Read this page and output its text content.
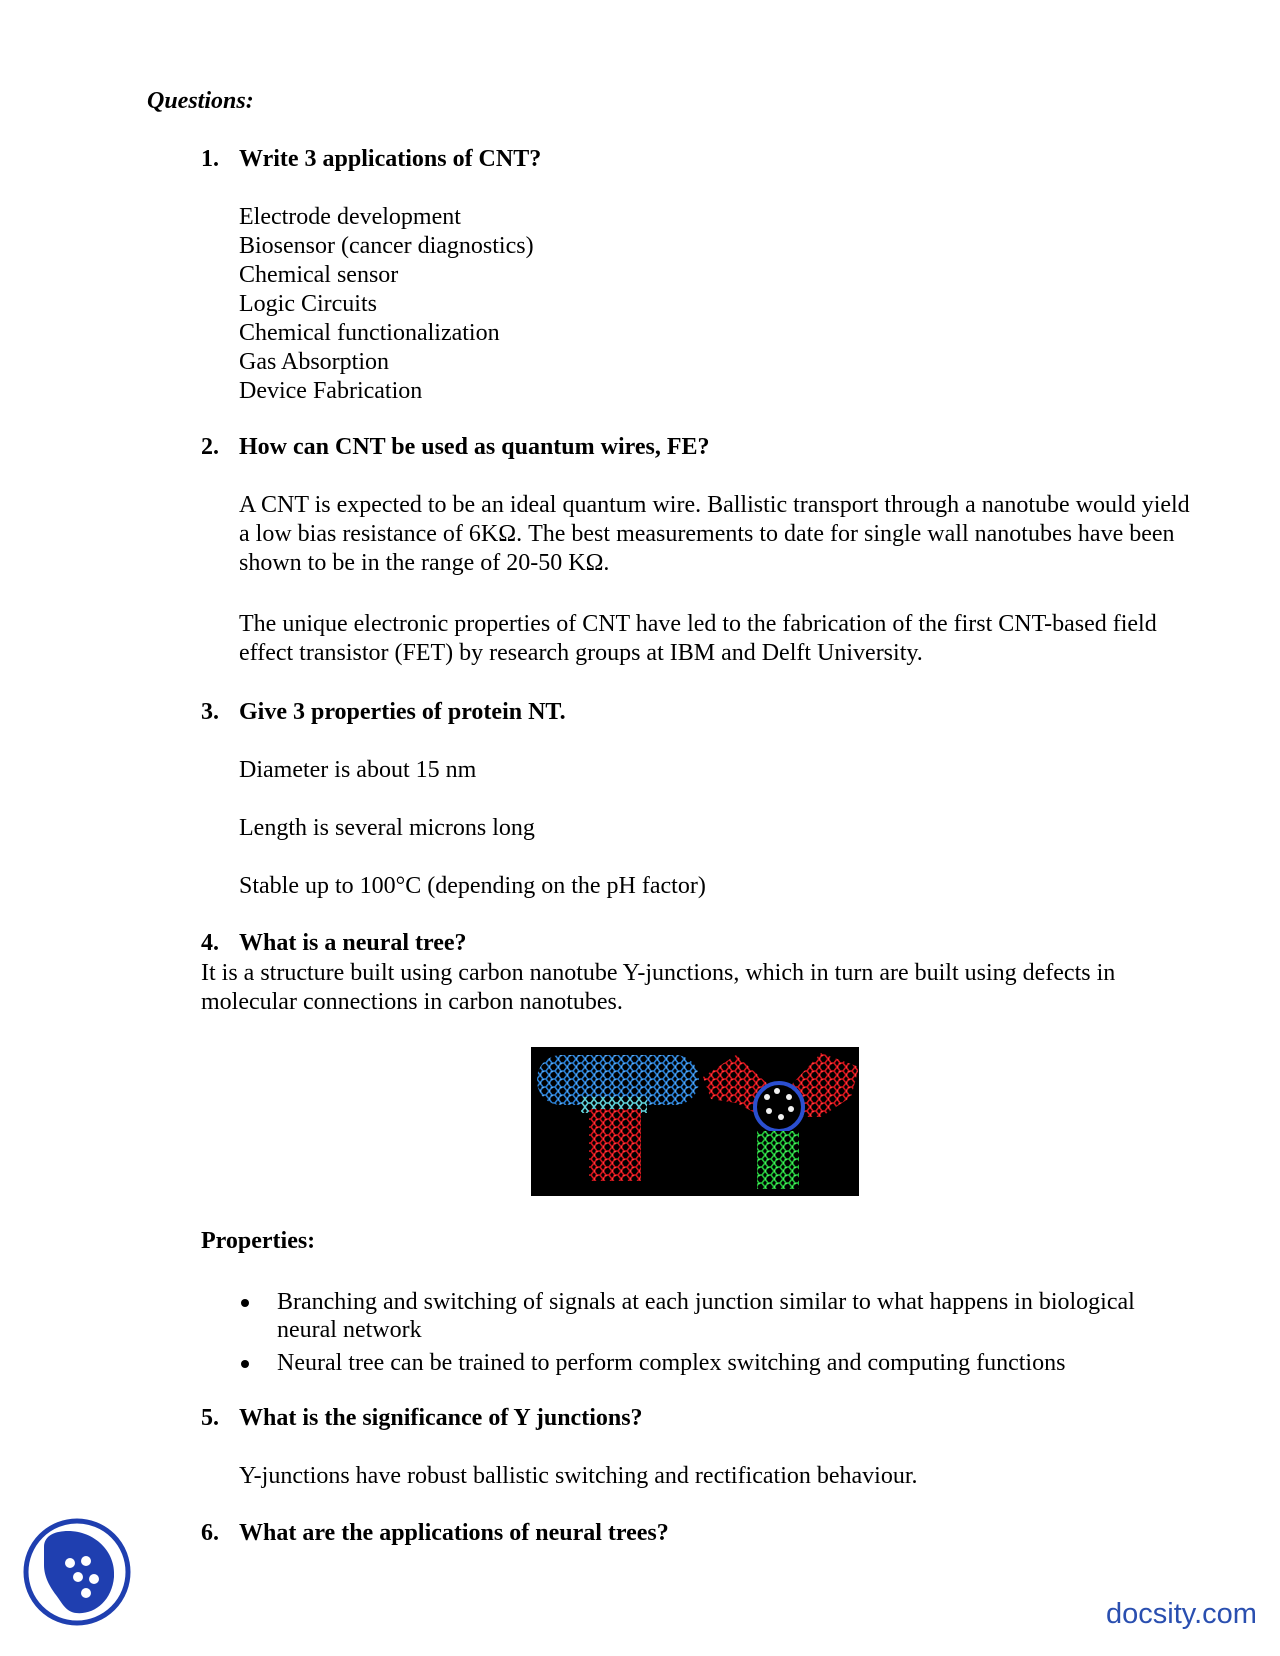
Questions:

1. Write 3 applications of CNT?

Electrode development
Biosensor (cancer diagnostics)
Chemical sensor
Logic Circuits
Chemical functionalization
Gas Absorption
Device Fabrication

2. How can CNT be used as quantum wires, FE?

A CNT is expected to be an ideal quantum wire. Ballistic transport through a nanotube would yield a low bias resistance of 6KΩ. The best measurements to date for single wall nanotubes have been shown to be in the range of 20-50 KΩ.

The unique electronic properties of CNT have led to the fabrication of the first CNT-based field effect transistor (FET) by research groups at IBM and Delft University.

3. Give 3 properties of protein NT.

Diameter is about 15 nm

Length is several microns long

Stable up to 100°C (depending on the pH factor)

4. What is a neural tree?

It is a structure built using carbon nanotube Y-junctions, which in turn are built using defects in molecular connections in carbon nanotubes.

Properties:

Branching and switching of signals at each junction similar to what happens in biological neural network
Neural tree can be trained to perform complex switching and computing functions

5. What is the significance of Y junctions?

Y-junctions have robust ballistic switching and rectification behaviour.

6. What are the applications of neural trees?

docsity.com
